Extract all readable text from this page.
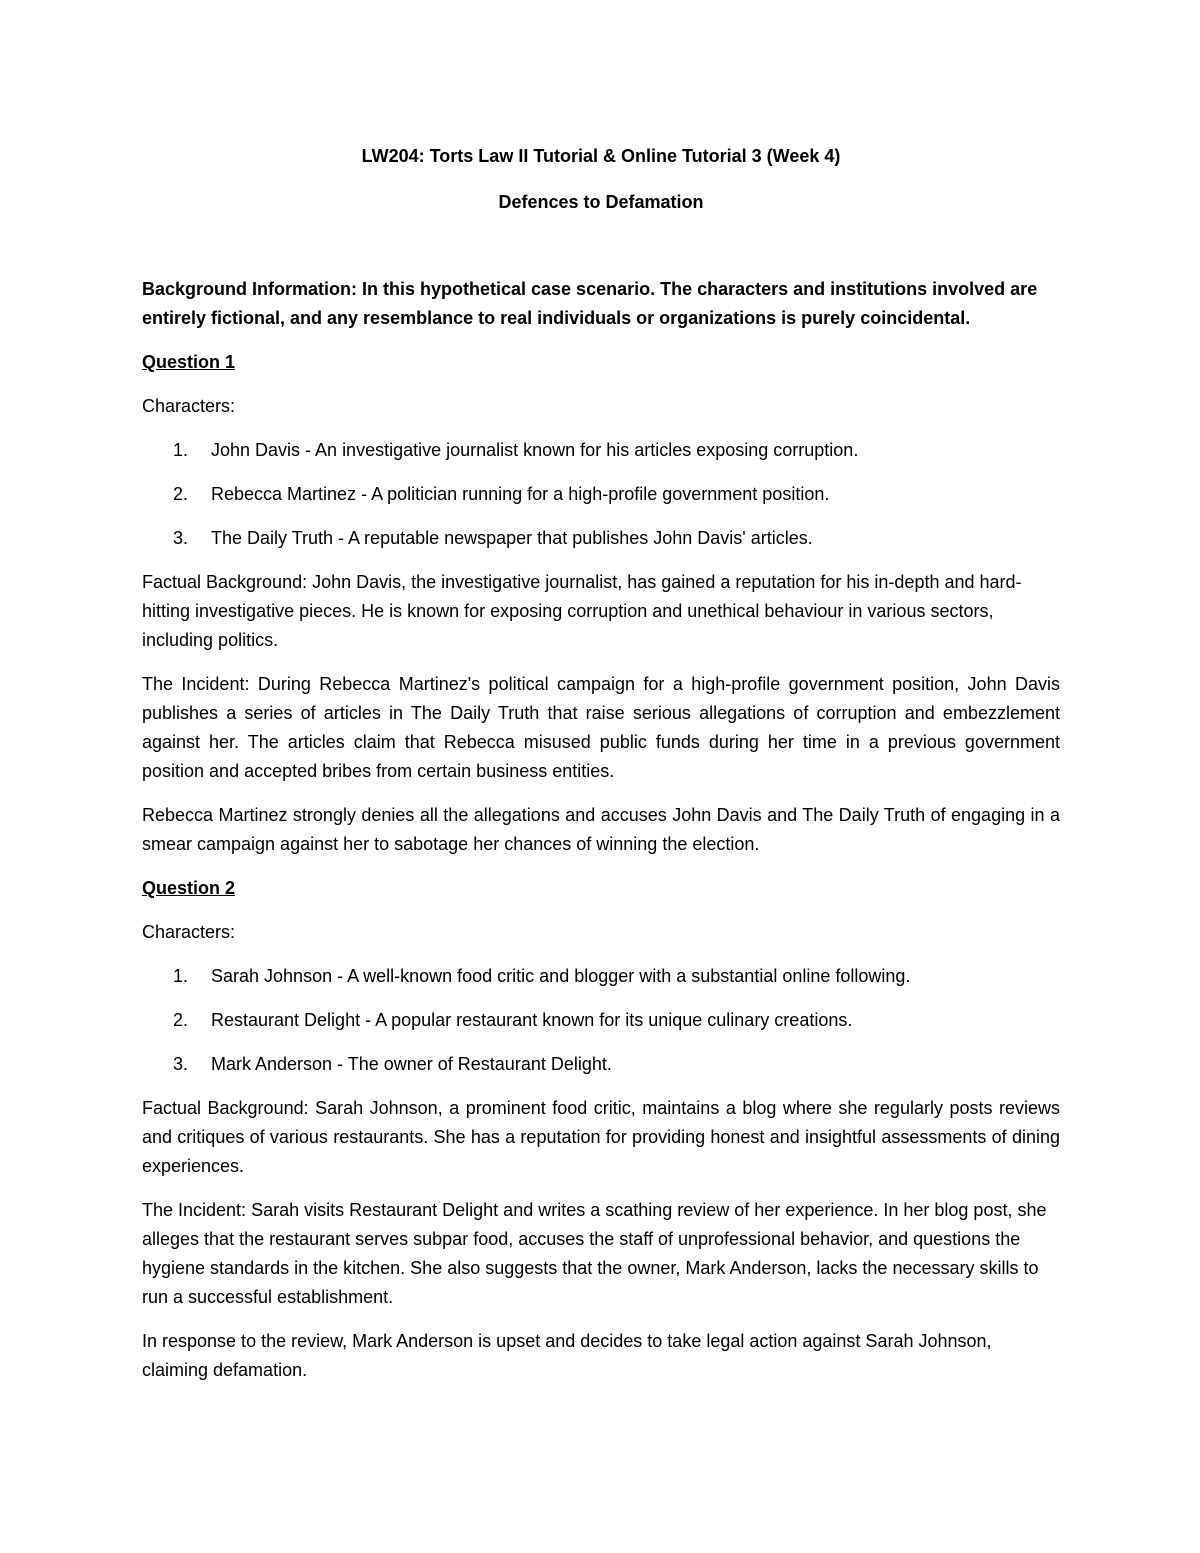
LW204: Torts Law II Tutorial & Online Tutorial 3 (Week 4)
Defences to Defamation

Background Information: In this hypothetical case scenario. The characters and institutions involved are entirely fictional, and any resemblance to real individuals or organizations is purely coincidental.

Question 1
Characters:
1. John Davis - An investigative journalist known for his articles exposing corruption.
2. Rebecca Martinez - A politician running for a high-profile government position.
3. The Daily Truth - A reputable newspaper that publishes John Davis' articles.

Factual Background: John Davis, the investigative journalist, has gained a reputation for his in-depth and hard-hitting investigative pieces. He is known for exposing corruption and unethical behaviour in various sectors, including politics.

The Incident: During Rebecca Martinez's political campaign for a high-profile government position, John Davis publishes a series of articles in The Daily Truth that raise serious allegations of corruption and embezzlement against her. The articles claim that Rebecca misused public funds during her time in a previous government position and accepted bribes from certain business entities.

Rebecca Martinez strongly denies all the allegations and accuses John Davis and The Daily Truth of engaging in a smear campaign against her to sabotage her chances of winning the election.

Question 2
Characters:
1. Sarah Johnson - A well-known food critic and blogger with a substantial online following.
2. Restaurant Delight - A popular restaurant known for its unique culinary creations.
3. Mark Anderson - The owner of Restaurant Delight.

Factual Background: Sarah Johnson, a prominent food critic, maintains a blog where she regularly posts reviews and critiques of various restaurants. She has a reputation for providing honest and insightful assessments of dining experiences.

The Incident: Sarah visits Restaurant Delight and writes a scathing review of her experience. In her blog post, she alleges that the restaurant serves subpar food, accuses the staff of unprofessional behavior, and questions the hygiene standards in the kitchen. She also suggests that the owner, Mark Anderson, lacks the necessary skills to run a successful establishment.

In response to the review, Mark Anderson is upset and decides to take legal action against Sarah Johnson, claiming defamation.
